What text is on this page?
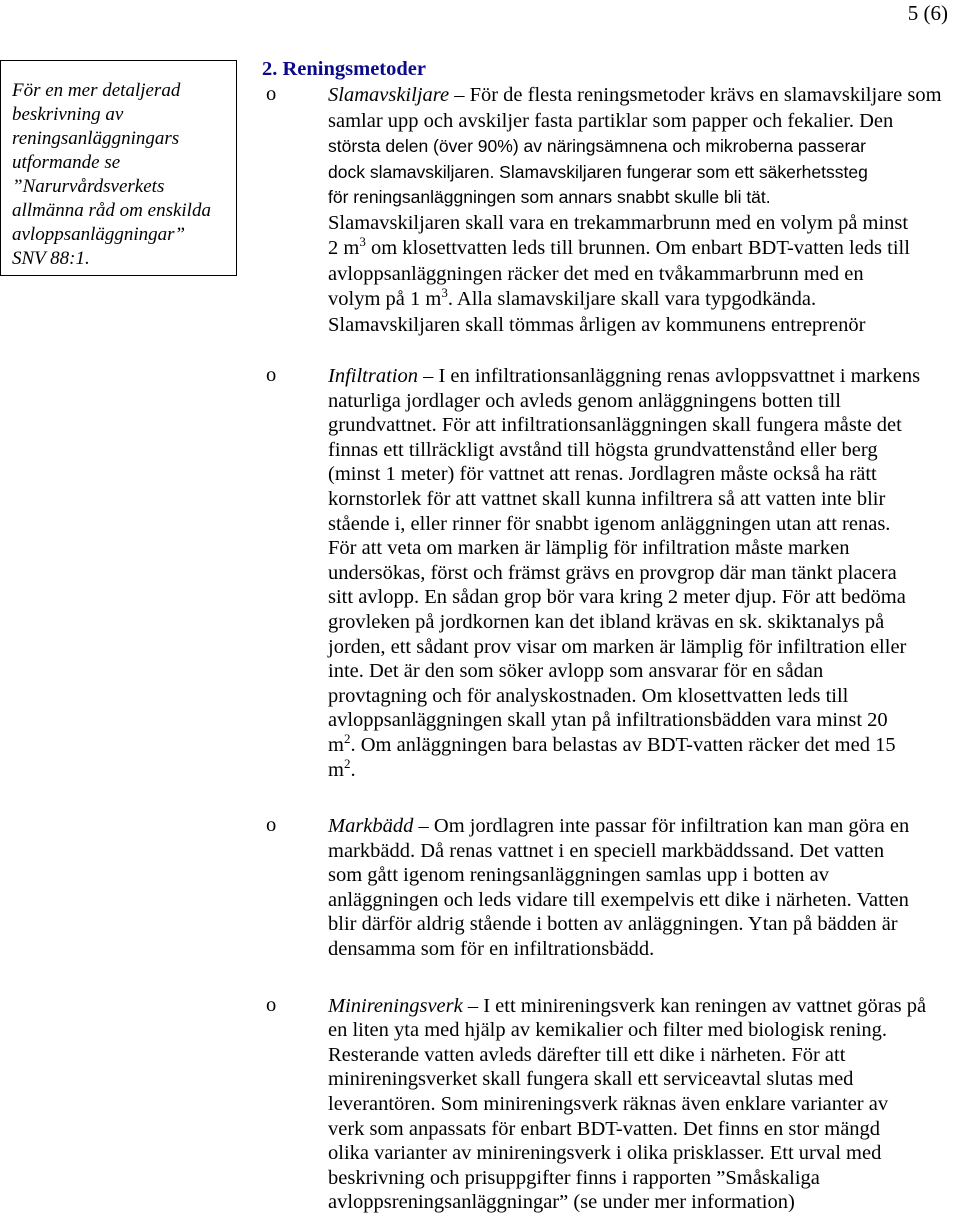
5 (6)
För en mer detaljerad
beskrivning av
reningsanläggningars
utformande se
”Narurvårdsverkets
allmänna råd om enskilda
avloppsanläggningar”
SNV 88:1.
2. Reningsmetoder
o	Slamavskiljare – För de flesta reningsmetoder krävs en slamavskiljare som

samlar upp och avskiljer fasta partiklar som papper och fekalier. Den

största delen (över 90%) av näringsämnena och mikroberna passerar

dock slamavskiljaren. Slamavskiljaren fungerar som ett säkerhetssteg

för reningsanläggningen som annars snabbt skulle bli tät.

Slamavskiljaren skall vara en trekammarbrunn med en volym på minst

2 $m^3$ om klosettvatten leds till brunnen. Om enbart BDT-vatten leds till

avloppsanläggningen räcker det med en tvåkammarbrunn med en

volym på 1 $m^3$. Alla slamavskiljare skall vara typgodkända.

Slamavskiljaren skall tömmas årligen av kommunens entreprenör

o	Infiltration – I en infiltrationsanläggning renas avloppsvattnet i markens

naturliga jordlager och avleds genom anläggningens botten till

grundvattnet. För att infiltrationsanläggningen skall fungera måste det

finnas ett tillräckligt avstånd till högsta grundvattenstånd eller berg

(minst 1 meter) för vattnet att renas. Jordlagren måste också ha rätt

kornstorlek för att vattnet skall kunna infiltrera så att vatten inte blir

stående i, eller rinner för snabbt igenom anläggningen utan att renas.

För att veta om marken är lämplig för infiltration måste marken

undersökas, först och främst grävs en provgrop där man tänkt placera

sitt avlopp. En sådan grop bör vara kring 2 meter djup. För att bedöma

grovleken på jordkornen kan det ibland krävas en sk. skiktanalys på

jorden, ett sådant prov visar om marken är lämplig för infiltration eller

inte. Det är den som söker avlopp som ansvarar för en sådan

provtagning och för analyskostnaden. Om klosettvatten leds till

avloppsanläggningen skall ytan på infiltrationsbädden vara minst 20

$m^2$. Om anläggningen bara belastas av BDT-vatten räcker det med 15

$m^2$.

o	Markbädd – Om jordlagren inte passar för infiltration kan man göra en

markbädd. Då renas vattnet i en speciell markbäddssand. Det vatten

som gått igenom reningsanläggningen samlas upp i botten av

anläggningen och leds vidare till exempelvis ett dike i närheten. Vatten

blir därför aldrig stående i botten av anläggningen. Ytan på bädden är

densamma som för en infiltrationsbädd.

o	Minireningsverk – I ett minireningsverk kan reningen av vattnet göras på

en liten yta med hjälp av kemikalier och filter med biologisk rening.

Resterande vatten avleds därefter till ett dike i närheten. För att

minireningsverket skall fungera skall ett serviceavtal slutas med

leverantören. Som minireningsverk räknas även enklare varianter av

verk som anpassats för enbart BDT-vatten. Det finns en stor mängd

olika varianter av minireningsverk i olika prisklasser. Ett urval med

beskrivning och prisuppgifter finns i rapporten ”Småskaliga

avloppsreningsanläggningar” (se under mer information)
